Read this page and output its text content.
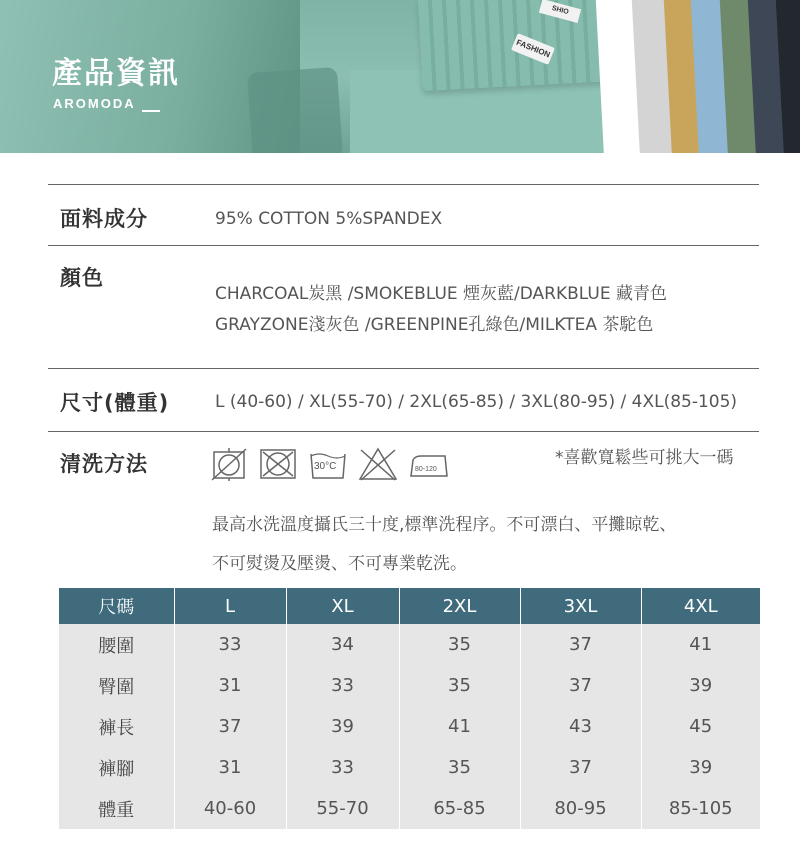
FASHION
SHIO
產品資訊
AROMODA
面料成分	95% COTTON 5%SPANDEX
顏色
CHARCOAL炭黑 /SMOKEBLUE 煙灰藍/DARKBLUE 藏青色
GRAYZONE淺灰色 /GREENPINE孔綠色/MILKTEA 茶駝色
尺寸(體重)	L (40-60) / XL(55-70) / 2XL(65-85) / 3XL(80-95) / 4XL(85-105)
清洗方法	30°C	80-120
*喜歡寬鬆些可挑大一碼
最高水洗溫度攝氏三十度,標準洗程序。不可漂白、平攤晾乾、
不可熨燙及壓燙、不可專業乾洗。
尺碼	L	XL	2XL	3XL	4XL
腰圍	33	34	35	37	41
臀圍	31	33	35	37	39
褲長	37	39	41	43	45
褲腳	31	33	35	37	39
體重	40-60	55-70	65-85	80-95	85-105
